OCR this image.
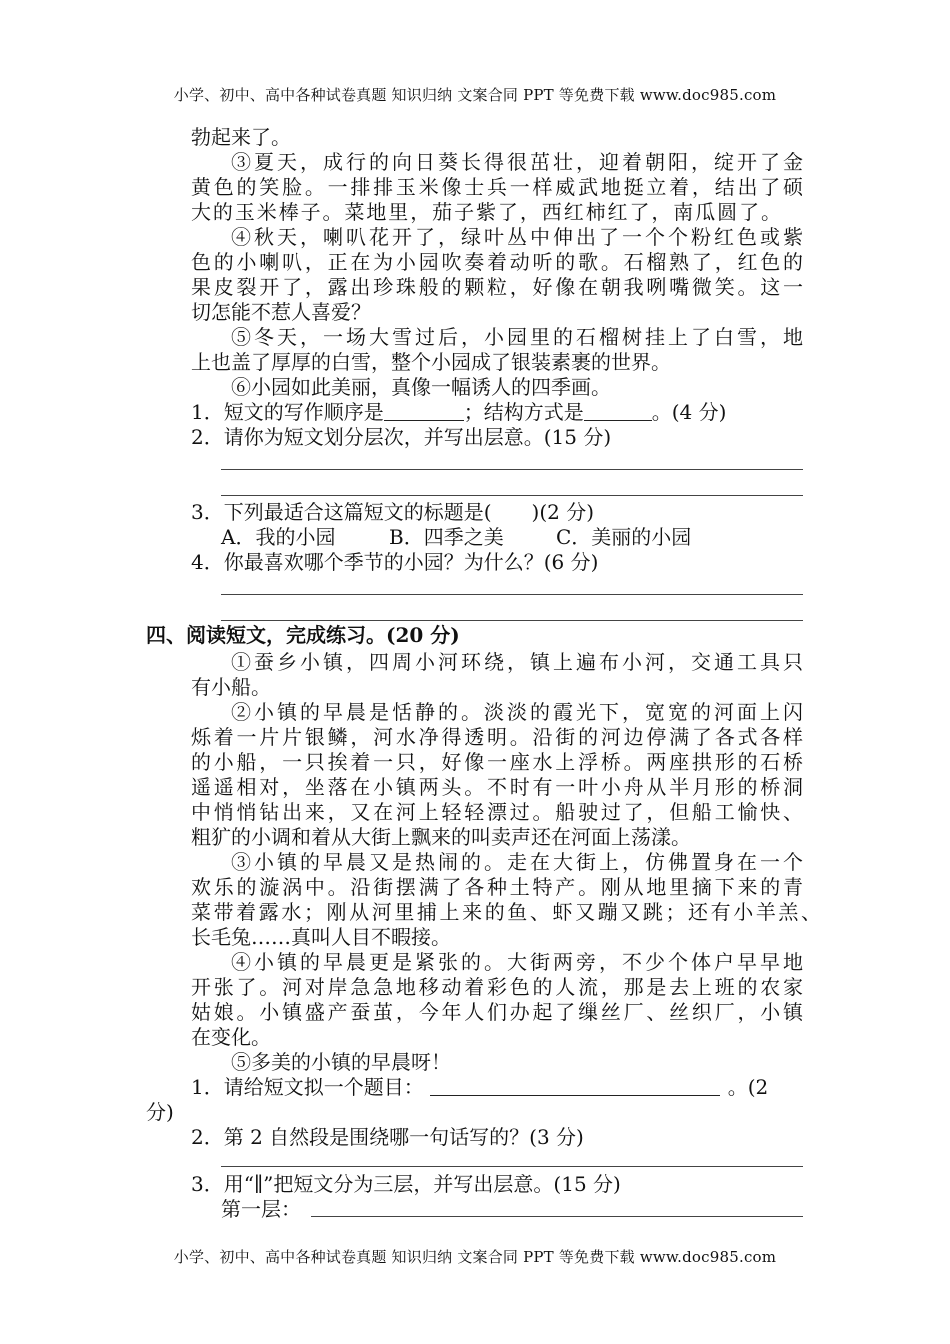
小学、初中、高中各种试卷真题 知识归纳 文案合同 PPT 等免费下载 www.doc985.com
勃起来了。
③夏天，成行的向日葵长得很茁壮，迎着朝阳，绽开了金
黄色的笑脸。一排排玉米像士兵一样威武地挺立着，结出了硕
大的玉米棒子。菜地里，茄子紫了，西红柿红了，南瓜圆了。
④秋天，喇叭花开了，绿叶丛中伸出了一个个粉红色或紫
色的小喇叭，正在为小园吹奏着动听的歌。石榴熟了，红色的
果皮裂开了，露出珍珠般的颗粒，好像在朝我咧嘴微笑。这一
切怎能不惹人喜爱？
⑤冬天，一场大雪过后，小园里的石榴树挂上了白雪，地
上也盖了厚厚的白雪，整个小园成了银装素裹的世界。
⑥小园如此美丽，真像一幅诱人的四季画。
1．短文的写作顺序是	；结构方式是	。(4 分)
2．请你为短文划分层次，并写出层意。(15 分)
3．下列最适合这篇短文的标题是(　　)(2 分)
A．我的小园	B．四季之美	C．美丽的小园
4．你最喜欢哪个季节的小园？为什么？(6 分)
四、阅读短文，完成练习。(20 分)
①蚕乡小镇，四周小河环绕，镇上遍布小河，交通工具只
有小船。
②小镇的早晨是恬静的。淡淡的霞光下，宽宽的河面上闪
烁着一片片银鳞，河水净得透明。沿街的河边停满了各式各样
的小船，一只挨着一只，好像一座水上浮桥。两座拱形的石桥
遥遥相对，坐落在小镇两头。不时有一叶小舟从半月形的桥洞
中悄悄钻出来，又在河上轻轻漂过。船驶过了，但船工愉快、
粗犷的小调和着从大街上飘来的叫卖声还在河面上荡漾。
③小镇的早晨又是热闹的。走在大街上，仿佛置身在一个
欢乐的漩涡中。沿街摆满了各种土特产。刚从地里摘下来的青
菜带着露水；刚从河里捕上来的鱼、虾又蹦又跳；还有小羊羔、
长毛兔……真叫人目不暇接。
④小镇的早晨更是紧张的。大街两旁，不少个体户早早地
开张了。河对岸急急地移动着彩色的人流，那是去上班的农家
姑娘。小镇盛产蚕茧，今年人们办起了缫丝厂、丝织厂，小镇
在变化。
⑤多美的小镇的早晨呀！
1．请给短文拟一个题目：	。(2
分)
2．第 2 自然段是围绕哪一句话写的？(3 分)
3．用“∥”把短文分为三层，并写出层意。(15 分)
第一层：
小学、初中、高中各种试卷真题 知识归纳 文案合同 PPT 等免费下载 www.doc985.com
